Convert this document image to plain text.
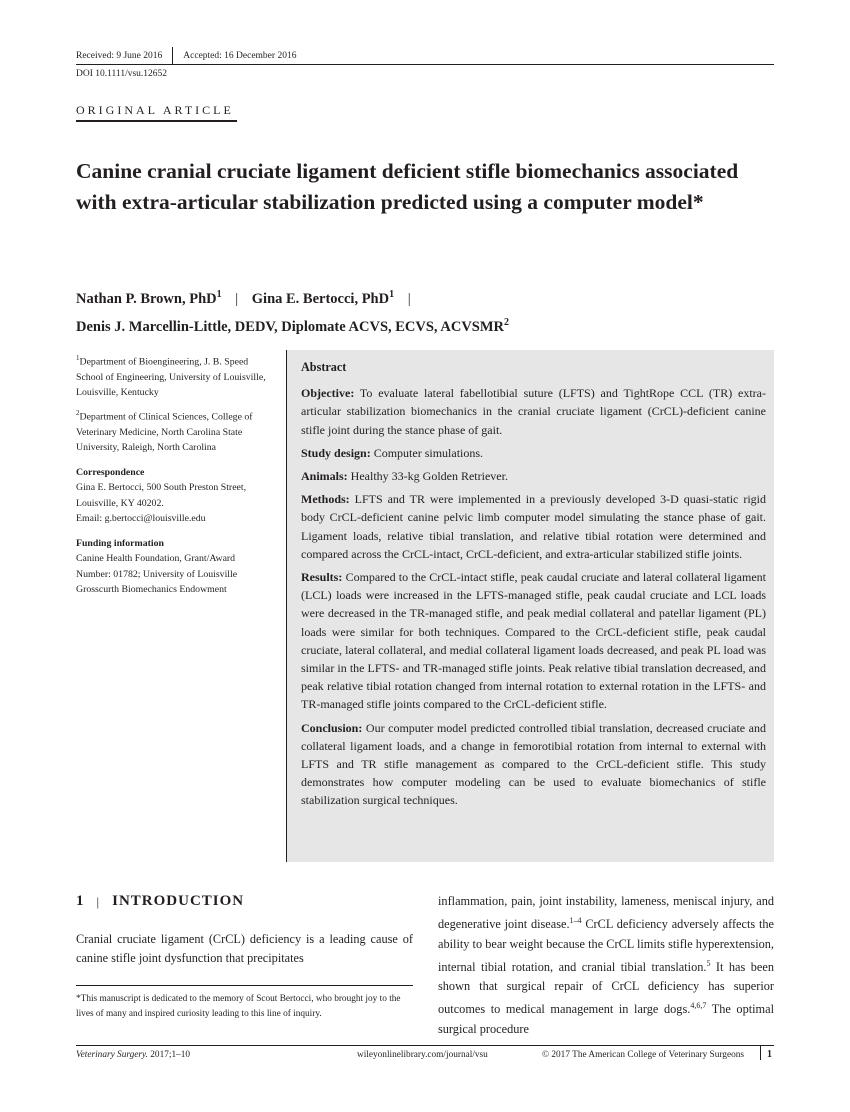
Received: 9 June 2016 Accepted: 16 December 2016
DOI 10.1111/vsu.12652
ORIGINAL ARTICLE
Canine cranial cruciate ligament deficient stifle biomechanics associated with extra-articular stabilization predicted using a computer model*
Nathan P. Brown, PhD$^1$ | Gina E. Bertocci, PhD$^1$ |
Denis J. Marcellin-Little, DEDV, Diplomate ACVS, ECVS, ACVSMR$^2$

$^1$Department of Bioengineering, J. B. Speed School of Engineering, University of Louisville, Louisville, Kentucky

$^2$Department of Clinical Sciences, College of Veterinary Medicine, North Carolina State University, Raleigh, North Carolina

Correspondence

Gina E. Bertocci, 500 South Preston Street, Louisville, KY 40202.

Email: g.bertocci@louisville.edu

Funding information

Canine Health Foundation, Grant/Award Number: 01782; University of Louisville Grosscurth Biomechanics Endowment

Abstract

Objective: To evaluate lateral fabellotibial suture (LFTS) and TightRope CCL (TR) extra-articular stabilization biomechanics in the cranial cruciate ligament (CrCL)-deficient canine stifle joint during the stance phase of gait.

Study design: Computer simulations.

Animals: Healthy 33-kg Golden Retriever.

Methods: LFTS and TR were implemented in a previously developed 3-D quasi-static rigid body CrCL-deficient canine pelvic limb computer model simulating the stance phase of gait. Ligament loads, relative tibial translation, and relative tibial rotation were determined and compared across the CrCL-intact, CrCL-deficient, and extra-articular stabilized stifle joints.

Results: Compared to the CrCL-intact stifle, peak caudal cruciate and lateral collateral ligament (LCL) loads were increased in the LFTS-managed stifle, peak caudal cruciate and LCL loads were decreased in the TR-managed stifle, and peak medial collateral and patellar ligament (PL) loads were similar for both techniques. Compared to the CrCL-deficient stifle, peak caudal cruciate, lateral collateral, and medial collateral ligament loads decreased, and peak PL load was similar in the LFTS- and TR-managed stifle joints. Peak relative tibial translation decreased, and peak relative tibial rotation changed from internal rotation to external rotation in the LFTS- and TR-managed stifle joints compared to the CrCL-deficient stifle.

Conclusion: Our computer model predicted controlled tibial translation, decreased cruciate and collateral ligament loads, and a change in femorotibial rotation from internal to external with LFTS and TR stifle management as compared to the CrCL-deficient stifle. This study demonstrates how computer modeling can be used to evaluate biomechanics of stifle stabilization surgical techniques.

1 | INTRODUCTION

Cranial cruciate ligament (CrCL) deficiency is a leading cause of canine stifle joint dysfunction that precipitates

*This manuscript is dedicated to the memory of Scout Bertocci, who brought joy to the lives of many and inspired curiosity leading to this line of inquiry.

inflammation, pain, joint instability, lameness, meniscal injury, and degenerative joint disease.$^{1-4}$ CrCL deficiency adversely affects the ability to bear weight because the CrCL limits stifle hyperextension, internal tibial rotation, and cranial tibial translation.$^5$ It has been shown that surgical repair of CrCL deficiency has superior outcomes to medical management in large dogs.$^{4,6,7}$ The optimal surgical procedure

Veterinary Surgery. 2017;1–10	wileyonlinelibrary.com/journal/vsu	© 2017 The American College of Veterinary Surgeons 1
